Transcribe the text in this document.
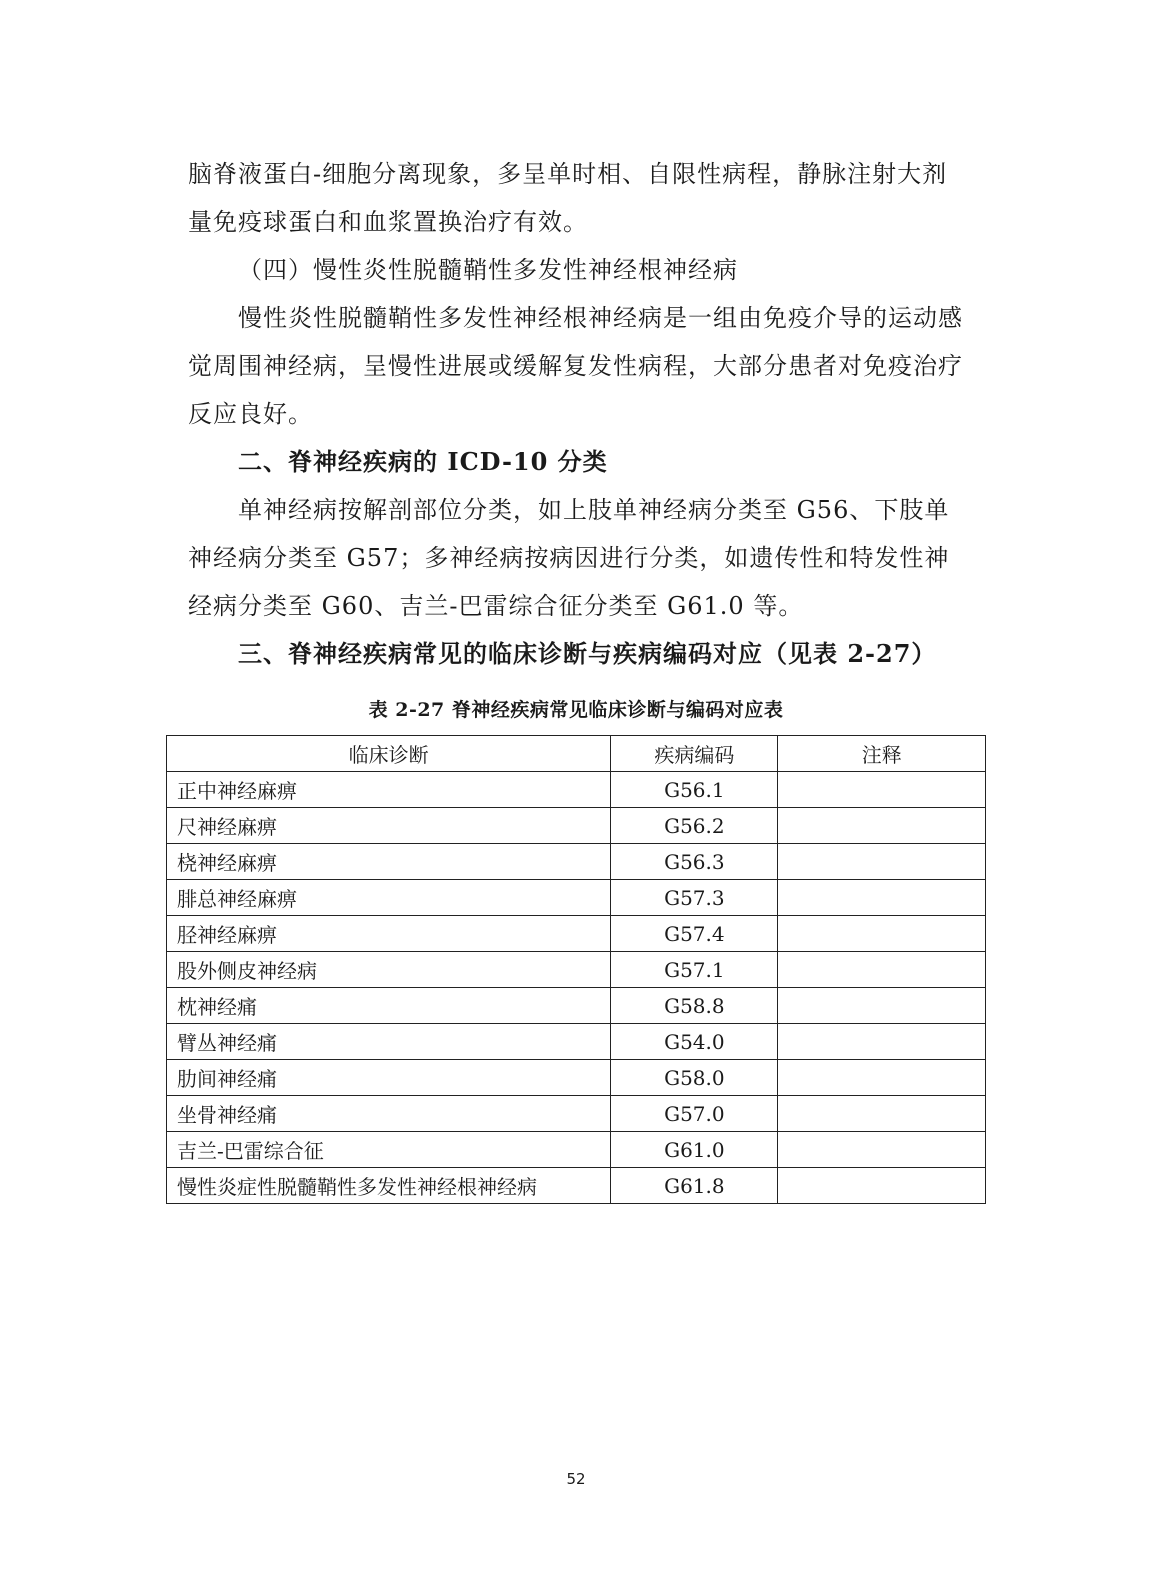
脑脊液蛋白-细胞分离现象，多呈单时相、自限性病程，静脉注射大剂

量免疫球蛋白和血浆置换治疗有效。

（四）慢性炎性脱髓鞘性多发性神经根神经病

慢性炎性脱髓鞘性多发性神经根神经病是一组由免疫介导的运动感觉周围神经病，呈慢性进展或缓解复发性病程，大部分患者对免疫治疗反应良好。

二、脊神经疾病的 ICD-10 分类

单神经病按解剖部位分类，如上肢单神经病分类至 G56、下肢单神经病分类至 G57；多神经病按病因进行分类，如遗传性和特发性神经病分类至 G60、吉兰-巴雷综合征分类至 G61.0 等。

三、脊神经疾病常见的临床诊断与疾病编码对应（见表 2-27）

表 2-27 脊神经疾病常见临床诊断与编码对应表
临床诊断	疾病编码	注释
正中神经麻痹	G56.1	
尺神经麻痹	G56.2	
桡神经麻痹	G56.3	
腓总神经麻痹	G57.3	
胫神经麻痹	G57.4	
股外侧皮神经病	G57.1	
枕神经痛	G58.8	
臂丛神经痛	G54.0	
肋间神经痛	G58.0	
坐骨神经痛	G57.0	
吉兰-巴雷综合征	G61.0	
慢性炎症性脱髓鞘性多发性神经根神经病	G61.8	
52
